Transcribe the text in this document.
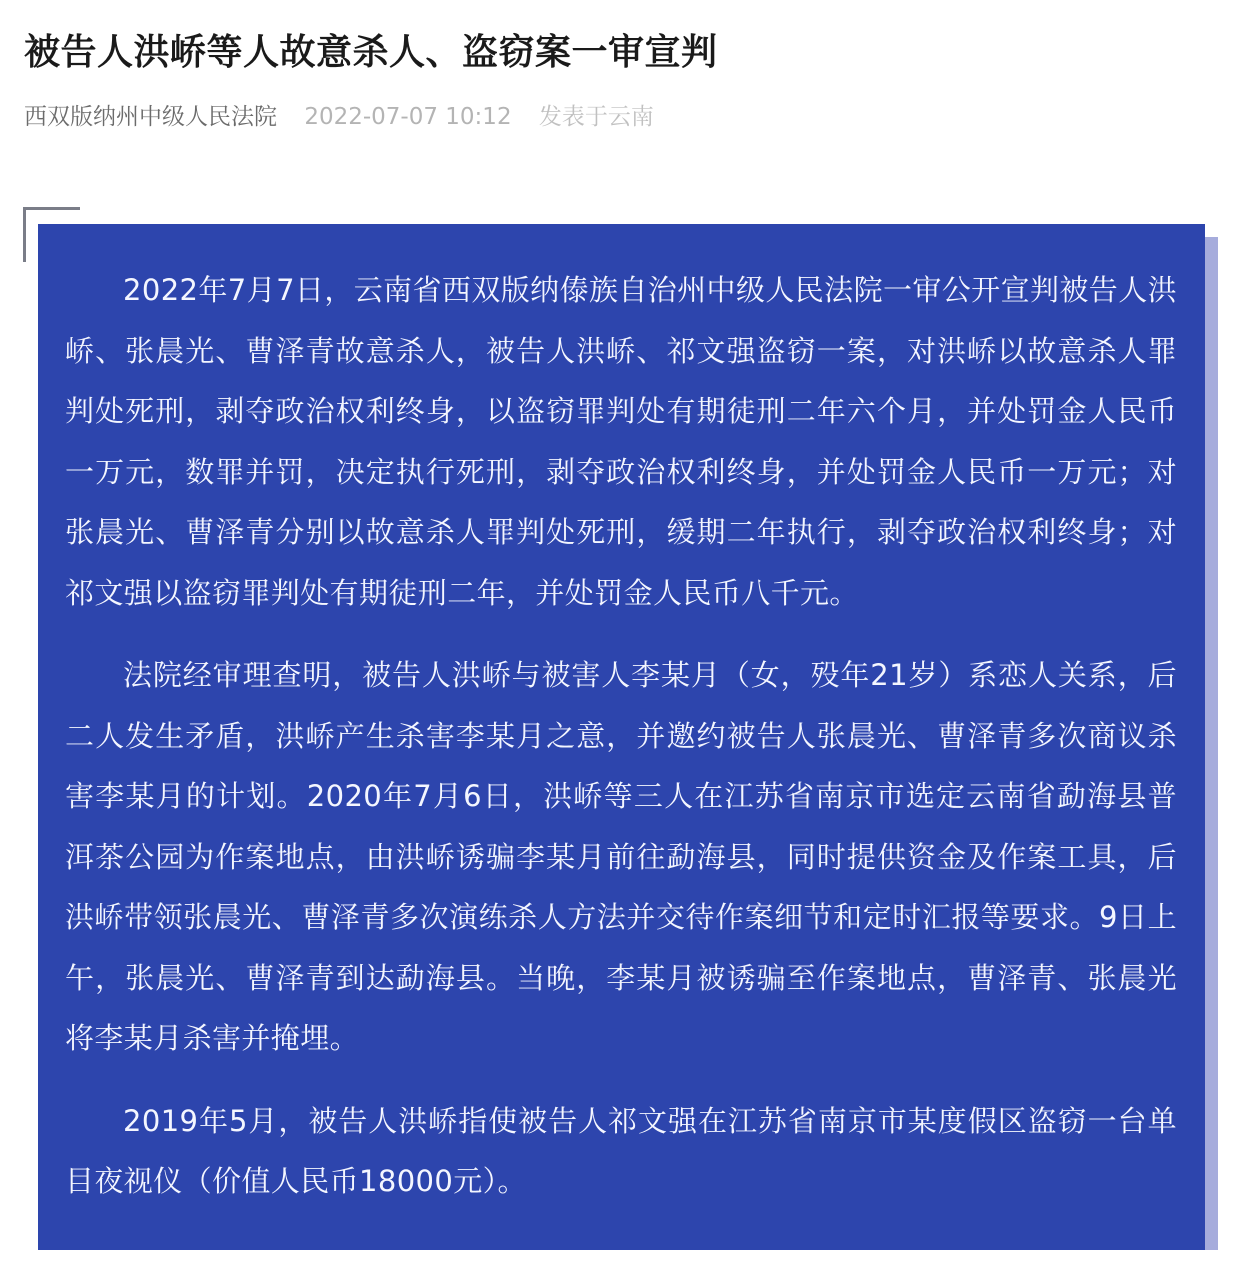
被告人洪峤等人故意杀人、盗窃案一审宣判
西双版纳州中级人民法院 2022-07-07 10:12 发表于云南

2022年7月7日，云南省西双版纳傣族自治州中级人民法院一审公开宣判被告人洪峤、张晨光、曹泽青故意杀人，被告人洪峤、祁文强盗窃一案，对洪峤以故意杀人罪判处死刑，剥夺政治权利终身，以盗窃罪判处有期徒刑二年六个月，并处罚金人民币一万元，数罪并罚，决定执行死刑，剥夺政治权利终身，并处罚金人民币一万元；对张晨光、曹泽青分别以故意杀人罪判处死刑，缓期二年执行，剥夺政治权利终身；对祁文强以盗窃罪判处有期徒刑二年，并处罚金人民币八千元。

法院经审理查明，被告人洪峤与被害人李某月（女，殁年21岁）系恋人关系，后二人发生矛盾，洪峤产生杀害李某月之意，并邀约被告人张晨光、曹泽青多次商议杀害李某月的计划。2020年7月6日，洪峤等三人在江苏省南京市选定云南省勐海县普洱茶公园为作案地点，由洪峤诱骗李某月前往勐海县，同时提供资金及作案工具，后洪峤带领张晨光、曹泽青多次演练杀人方法并交待作案细节和定时汇报等要求。9日上午，张晨光、曹泽青到达勐海县。当晚，李某月被诱骗至作案地点，曹泽青、张晨光将李某月杀害并掩埋。

2019年5月，被告人洪峤指使被告人祁文强在江苏省南京市某度假区盗窃一台单目夜视仪（价值人民币18000元）。
